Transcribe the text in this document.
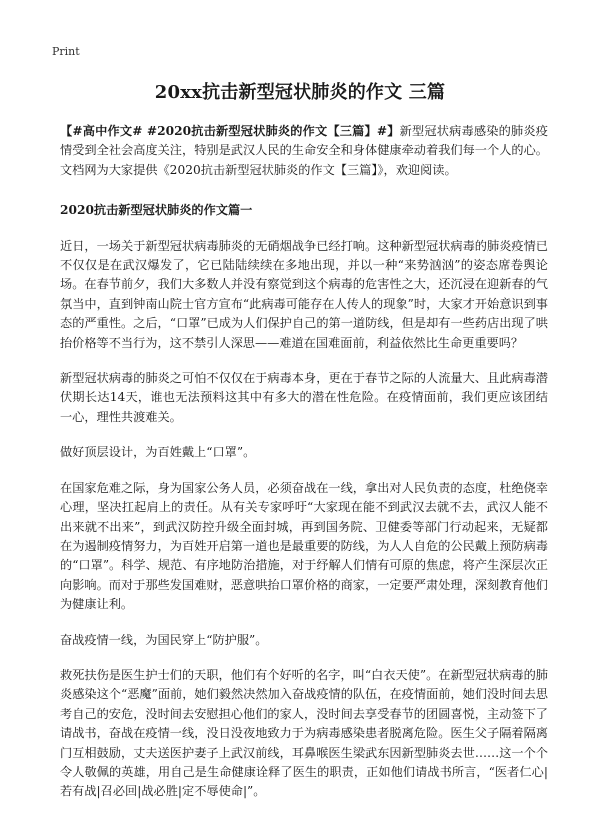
Print
20xx抗击新型冠状肺炎的作文 三篇

【#高中作文# #2020抗击新型冠状肺炎的作文【三篇】#】新型冠状病毒感染的肺炎疫情受到全社会高度关注，特别是武汉人民的生命安全和身体健康牵动着我们每一个人的心。文档网为大家提供《2020抗击新型冠状肺炎的作文【三篇】》，欢迎阅读。

2020抗击新型冠状肺炎的作文篇一

近日，一场关于新型冠状病毒肺炎的无硝烟战争已经打响。这种新型冠状病毒的肺炎疫情已不仅仅是在武汉爆发了，它已陆陆续续在多地出现，并以一种“来势汹汹”的姿态席卷舆论场。在春节前夕，我们大多数人并没有察觉到这个病毒的危害性之大，还沉浸在迎新春的气氛当中，直到钟南山院士官方宣布“此病毒可能存在人传人的现象”时，大家才开始意识到事态的严重性。之后，“口罩”已成为人们保护自己的第一道防线，但是却有一些药店出现了哄抬价格等不当行为，这不禁引人深思——难道在国难面前，利益依然比生命更重要吗？

新型冠状病毒的肺炎之可怕不仅仅在于病毒本身，更在于春节之际的人流量大、且此病毒潜伏期长达14天，谁也无法预料这其中有多大的潜在性危险。在疫情面前，我们更应该团结一心，理性共渡难关。

做好顶层设计，为百姓戴上“口罩”。

在国家危难之际，身为国家公务人员，必须奋战在一线，拿出对人民负责的态度，杜绝侥幸心理，坚决扛起肩上的责任。从有关专家呼吁“大家现在能不到武汉去就不去，武汉人能不出来就不出来”，到武汉防控升级全面封城，再到国务院、卫健委等部门行动起来，无疑都在为遏制疫情努力，为百姓开启第一道也是最重要的防线，为人人自危的公民戴上预防病毒的“口罩”。科学、规范、有序地防治措施，对于纾解人们情有可原的焦虑，将产生深层次正向影响。而对于那些发国难财，恶意哄抬口罩价格的商家，一定要严肃处理，深刻教育他们为健康让利。

奋战疫情一线，为国民穿上“防护服”。

救死扶伤是医生护士们的天职，他们有个好听的名字，叫“白衣天使”。在新型冠状病毒的肺炎感染这个“恶魔”面前，她们毅然决然加入奋战疫情的队伍，在疫情面前，她们没时间去思考自己的安危，没时间去安慰担心他们的家人，没时间去享受春节的团圆喜悦，主动签下了请战书，奋战在疫情一线，没日没夜地致力于为病毒感染患者脱离危险。医生父子隔着隔离门互相鼓励，丈夫送医护妻子上武汉前线，耳鼻喉医生梁武东因新型肺炎去世……这一个个令人敬佩的英雄，用自己是生命健康诠释了医生的职责，正如他们请战书所言，“医者仁心|若有战|召必回|战必胜|定不辱使命|”。
